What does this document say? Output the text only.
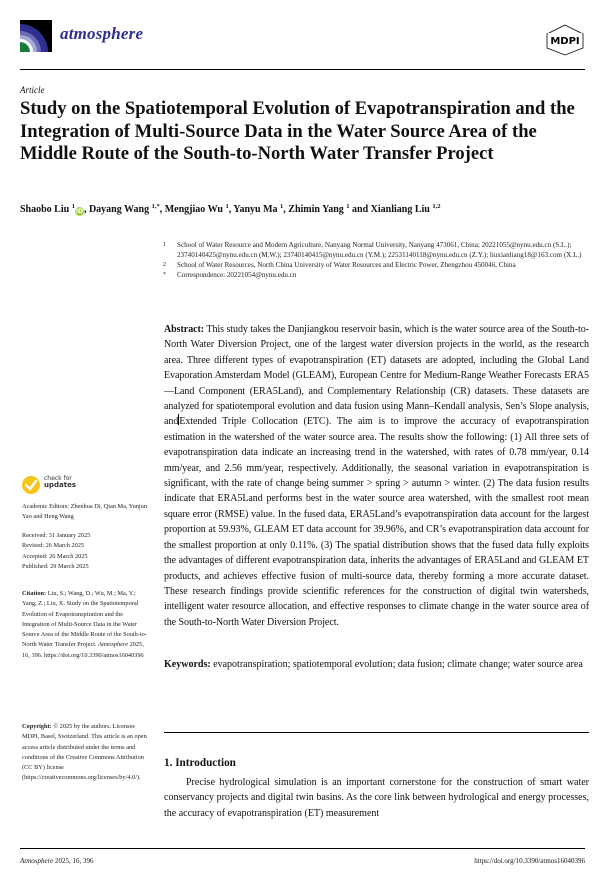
atmosphere	MDPI
Article
Study on the Spatiotemporal Evolution of Evapotranspiration and the Integration of Multi-Source Data in the Water Source Area of the Middle Route of the South-to-North Water Transfer Project
Shaobo Liu $^1$iD, Dayang Wang $^{1,*}$, Mengjiao Wu $^1$, Yanyu Ma $^1$, Zhimin Yang $^1$ and Xianliang Liu $^{1,2}$
1 School of Water Resource and Modern Agriculture, Nanyang Normal University, Nanyang 473061, China; 20221055@nynu.edu.cn (S.L.); 23740140425@nynu.edu.cn (M.W.); 23740140415@nynu.edu.cn (Y.M.); 22531140118@nynu.edu.cn (Z.Y.); liuxianliang18@163.com (X.L.)
2 School of Water Resources, North China University of Water Resources and Electric Power, Zhengzhou 450046, China
* Correspondence: 20221054@nynu.edu.cn
Abstract: This study takes the Danjiangkou reservoir basin, which is the water source area of the South-to-North Water Diversion Project, one of the largest water diversion projects in the world, as the research area. Three different types of evapotranspiration (ET) datasets are adopted, including the Global Land Evaporation Amsterdam Model (GLEAM), European Centre for Medium-Range Weather Forecasts ERA5—Land Component (ERA5Land), and Complementary Relationship (CR) datasets. These datasets are analyzed for spatiotemporal evolution and data fusion using Mann–Kendall analysis, Sen’s Slope analysis, andExtended Triple Collocation (ETC). The aim is to improve the accuracy of evapotranspiration estimation in the watershed of the water source area. The results show the following: (1) All three sets of evapotranspiration data indicate an increasing trend in the watershed, with rates of 0.78 mm/year, 0.14 mm/year, and 2.56 mm/year, respectively. Additionally, the seasonal variation in evapotranspiration is significant, with the rate of change being summer > spring > autumn > winter. (2) The data fusion results indicate that ERA5Land performs best in the water source area watershed, with the smallest root mean square error (RMSE) value. In the fused data, ERA5Land’s evapotranspiration data account for the largest proportion at 59.93%, GLEAM ET data account for 39.96%, and CR’s evapotranspiration data account for the smallest proportion at only 0.11%. (3) The spatial distribution shows that the fused data fully exploits the advantages of different evapotranspiration data, inherits the advantages of ERA5Land and GLEAM ET products, and achieves effective fusion of multi-source data, thereby forming a more accurate dataset. These research findings provide scientific references for the construction of digital twin watersheds, intelligent water resource allocation, and effective responses to climate change in the water source area of the South-to-North Water Diversion Project.
Keywords: evapotranspiration; spatiotemporal evolution; data fusion; climate change; water source area
1. Introduction
Precise hydrological simulation is an important cornerstone for the construction of smart water conservancy projects and digital twin basins. As the core link between hydrological and energy processes, the accuracy of evapotranspiration (ET) measurement
check for
updates
Academic Editors: Zhenhua Di, Qian Ma, Yunjun Yao and Heng Wang
Received: 31 January 2025
Revised: 26 March 2025
Accepted: 26 March 2025
Published: 29 March 2025
Citation: Liu, S.; Wang, D.; Wu, M.; Ma, Y.; Yang, Z.; Liu, X. Study on the Spatiotemporal Evolution of Evapotranspiration and the Integration of Multi-Source Data in the Water Source Area of the Middle Route of the South-to-North Water Transfer Project. Atmosphere 2025, 16, 396. https://doi.org/10.3390/atmos16040396
Copyright: © 2025 by the authors. Licensee MDPI, Basel, Switzerland. This article is an open access article distributed under the terms and conditions of the Creative Commons Attribution (CC BY) license (https://creativecommons.org/licenses/by/4.0/).
Atmosphere 2025, 16, 396	https://doi.org/10.3390/atmos16040396
